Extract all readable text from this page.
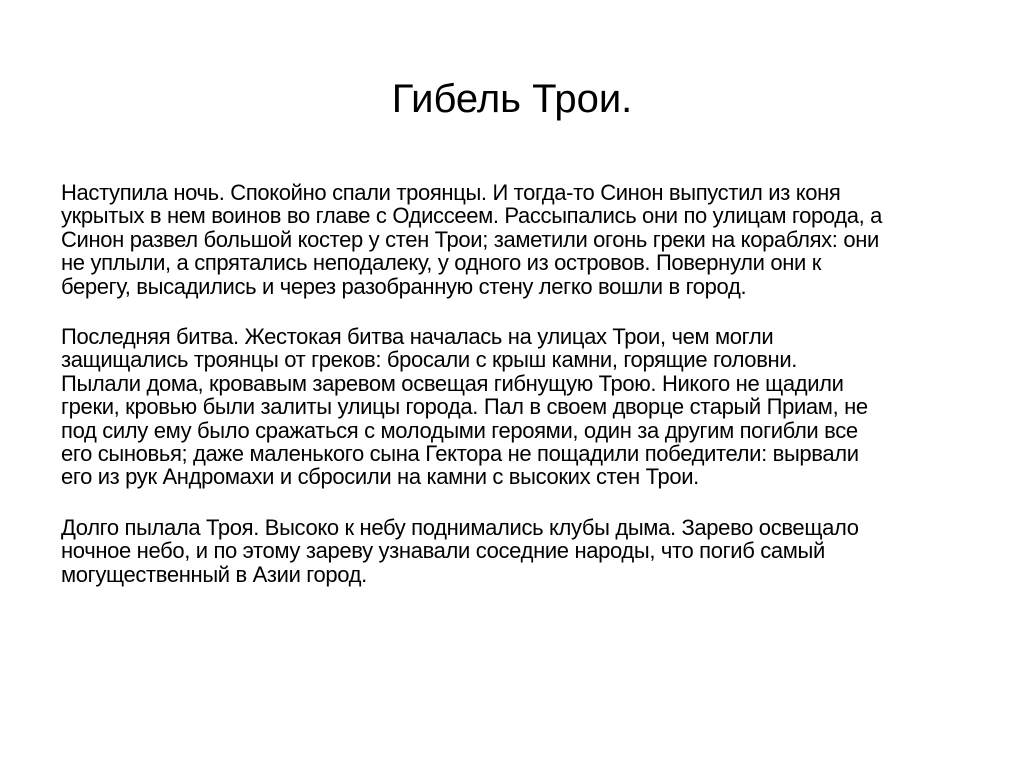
Гибель Трои.

Наступила ночь. Спокойно спали троянцы. И тогда-то Синон выпустил из коня
укрытых в нем воинов во главе с Одиссеем. Рассыпались они по улицам города, а
Синон развел большой костер у стен Трои; заметили огонь греки на кораблях: они
не уплыли, а спрятались неподалеку, у одного из островов. Повернули они к
берегу, высадились и через разобранную стену легко вошли в город.

Последняя битва. Жестокая битва началась на улицах Трои, чем могли
защищались троянцы от греков: бросали с крыш камни, горящие головни.
Пылали дома, кровавым заревом освещая гибнущую Трою. Никого не щадили
греки, кровью были залиты улицы города. Пал в своем дворце старый Приам, не
под силу ему было сражаться с молодыми героями, один за другим погибли все
его сыновья; даже маленького сына Гектора не пощадили победители: вырвали
его из рук Андромахи и сбросили на камни с высоких стен Трои.

Долго пылала Троя. Высоко к небу поднимались клубы дыма. Зарево освещало
ночное небо, и по этому зареву узнавали соседние народы, что погиб самый
могущественный в Азии город.
